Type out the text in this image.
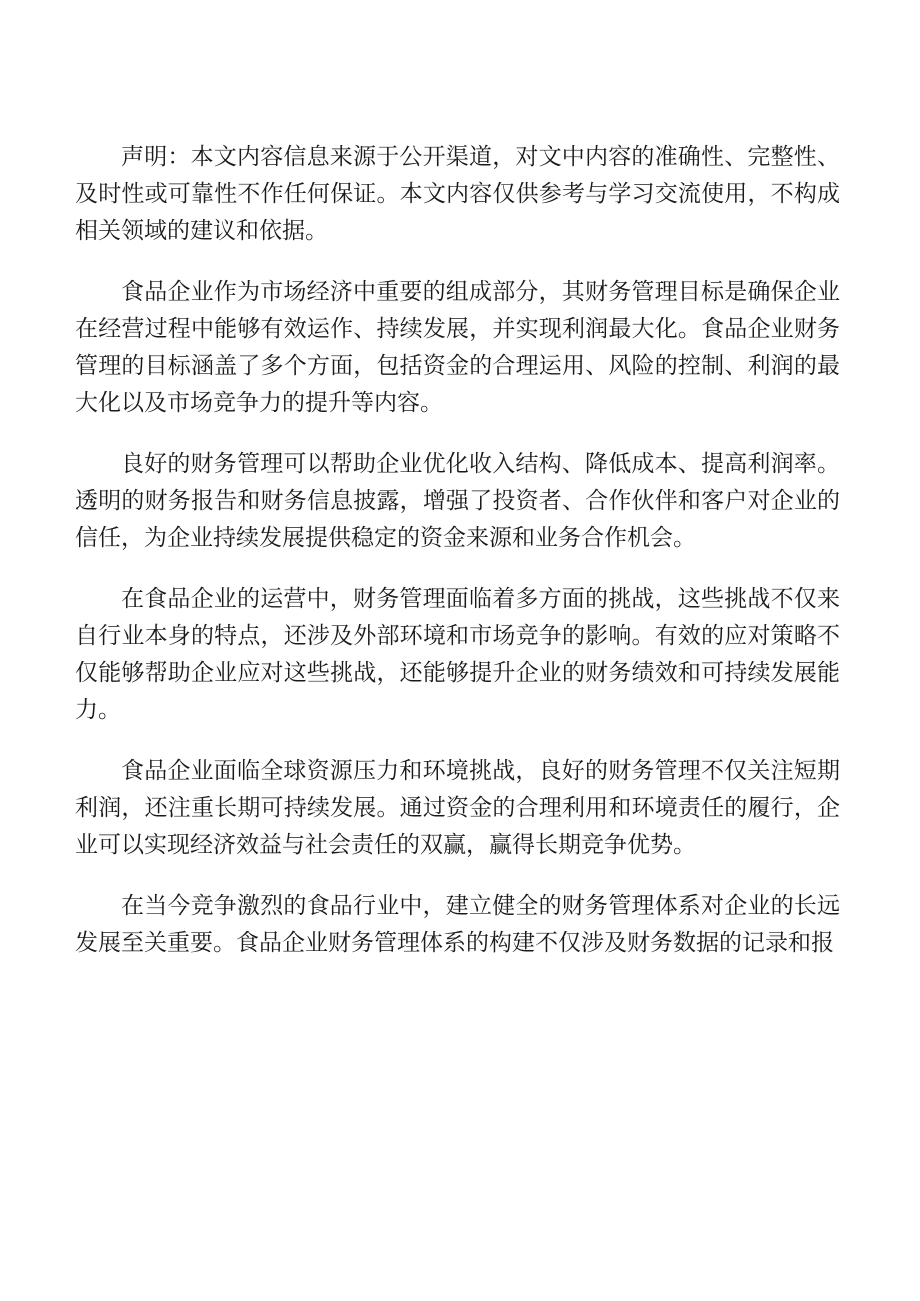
声明：本文内容信息来源于公开渠道，对文中内容的准确性、完整性、及时性或可靠性不作任何保证。本文内容仅供参考与学习交流使用，不构成相关领域的建议和依据。

食品企业作为市场经济中重要的组成部分，其财务管理目标是确保企业在经营过程中能够有效运作、持续发展，并实现利润最大化。食品企业财务管理的目标涵盖了多个方面，包括资金的合理运用、风险的控制、利润的最大化以及市场竞争力的提升等内容。

良好的财务管理可以帮助企业优化收入结构、降低成本、提高利润率。透明的财务报告和财务信息披露，增强了投资者、合作伙伴和客户对企业的信任，为企业持续发展提供稳定的资金来源和业务合作机会。

在食品企业的运营中，财务管理面临着多方面的挑战，这些挑战不仅来自行业本身的特点，还涉及外部环境和市场竞争的影响。有效的应对策略不仅能够帮助企业应对这些挑战，还能够提升企业的财务绩效和可持续发展能力。

食品企业面临全球资源压力和环境挑战，良好的财务管理不仅关注短期利润，还注重长期可持续发展。通过资金的合理利用和环境责任的履行，企业可以实现经济效益与社会责任的双赢，赢得长期竞争优势。

在当今竞争激烈的食品行业中，建立健全的财务管理体系对企业的长远发展至关重要。食品企业财务管理体系的构建不仅涉及财务数据的记录和报
